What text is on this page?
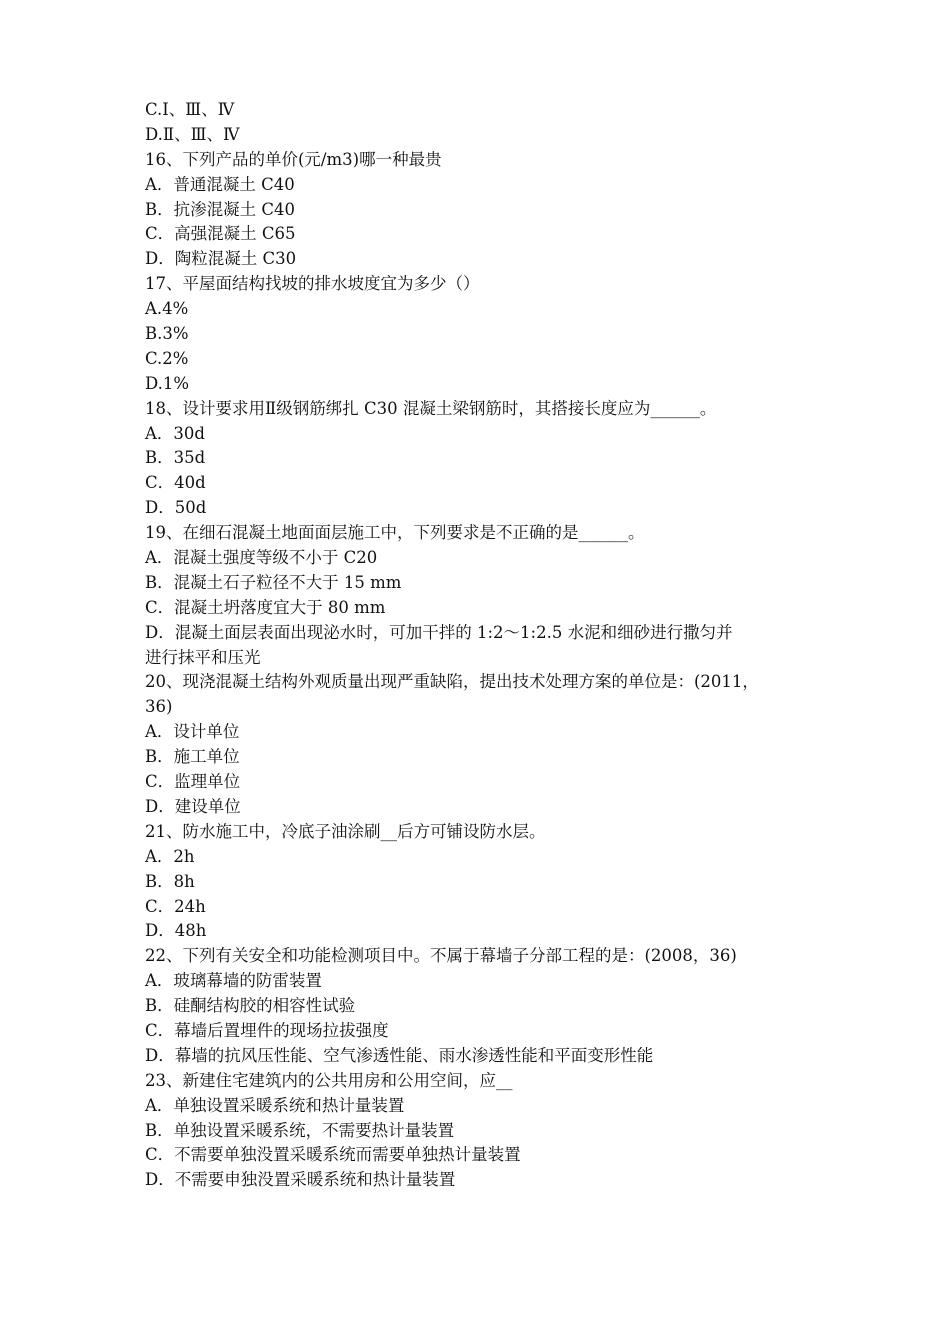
C.Ⅰ、Ⅲ、Ⅳ
D.Ⅱ、Ⅲ、Ⅳ
16、下列产品的单价(元/m3)哪一种最贵
A．普通混凝土 C40
B．抗渗混凝土 C40
C．高强混凝土 C65
D．陶粒混凝土 C30
17、平屋面结构找坡的排水坡度宜为多少（）
A.4%
B.3%
C.2%
D.1%
18、设计要求用Ⅱ级钢筋绑扎 C30 混凝土梁钢筋时，其搭接长度应为______。
A．30d
B．35d
C．40d
D．50d
19、在细石混凝土地面面层施工中，下列要求是不正确的是______。
A．混凝土强度等级不小于 C20
B．混凝土石子粒径不大于 15 mm
C．混凝土坍落度宜大于 80 mm
D．混凝土面层表面出现泌水时，可加干拌的 1:2～1:2.5 水泥和细砂进行撒匀并
进行抹平和压光
20、现浇混凝土结构外观质量出现严重缺陷，提出技术处理方案的单位是：(2011，
36)
A．设计单位
B．施工单位
C．监理单位
D．建设单位
21、防水施工中，冷底子油涂刷__后方可铺设防水层。
A．2h
B．8h
C．24h
D．48h
22、下列有关安全和功能检测项目中。不属于幕墙子分部工程的是：(2008，36)
A．玻璃幕墙的防雷装置
B．硅酮结构胶的相容性试验
C．幕墙后置埋件的现场拉拔强度
D．幕墙的抗风压性能、空气渗透性能、雨水渗透性能和平面变形性能
23、新建住宅建筑内的公共用房和公用空间，应__
A．单独设置采暖系统和热计量装置
B．单独设置采暖系统，不需要热计量装置
C．不需要单独没置采暖系统而需要单独热计量装置
D．不需要申独没置采暖系统和热计量装置
